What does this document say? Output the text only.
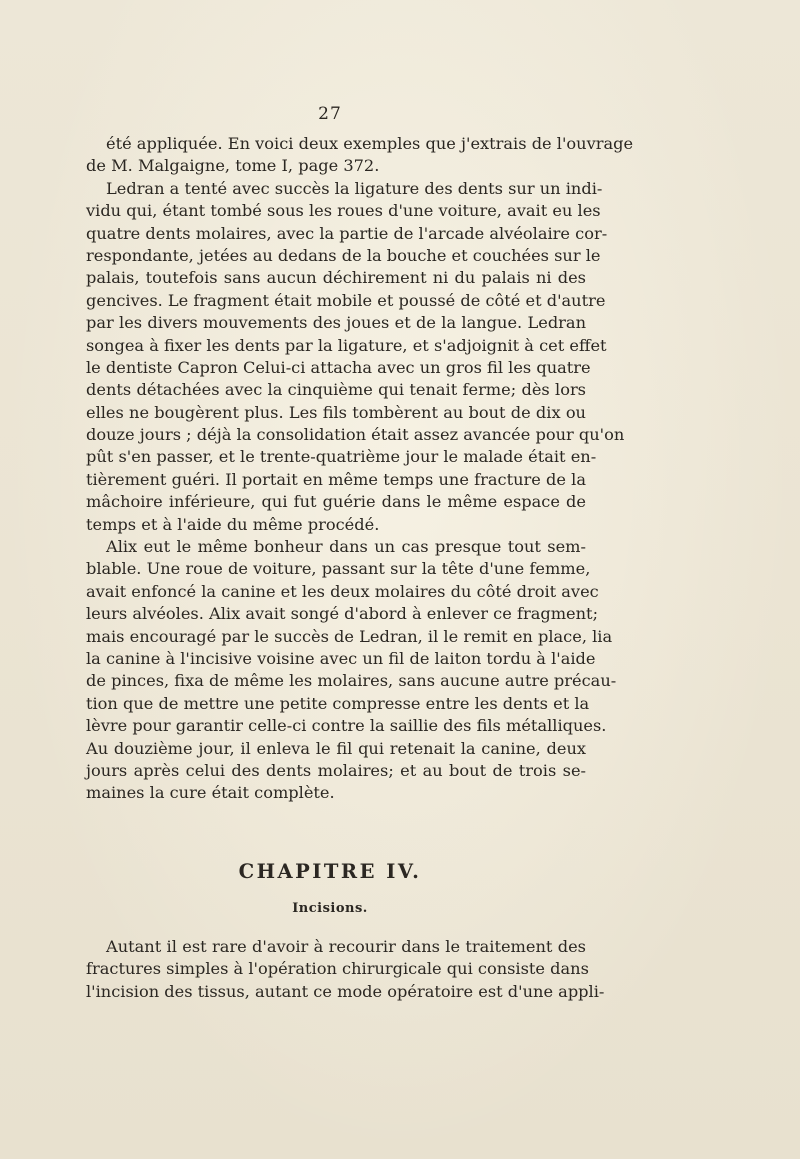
27
été appliquée. En voici deux exemples que j'extrais de l'ouvrage
de M. Malgaigne, tome I, page 372.
Ledran a tenté avec succès la ligature des dents sur un indi-
vidu qui, étant tombé sous les roues d'une voiture, avait eu les
quatre dents molaires, avec la partie de l'arcade alvéolaire cor-
respondante, jetées au dedans de la bouche et couchées sur le
palais, toutefois sans aucun déchirement ni du palais ni des
gencives. Le fragment était mobile et poussé de côté et d'autre
par les divers mouvements des joues et de la langue. Ledran
songea à fixer les dents par la ligature, et s'adjoignit à cet effet
le dentiste Capron Celui-ci attacha avec un gros fil les quatre
dents détachées avec la cinquième qui tenait ferme; dès lors
elles ne bougèrent plus. Les fils tombèrent au bout de dix ou
douze jours ; déjà la consolidation était assez avancée pour qu'on
pût s'en passer, et le trente-quatrième jour le malade était en-
tièrement guéri. Il portait en même temps une fracture de la
mâchoire inférieure, qui fut guérie dans le même espace de
temps et à l'aide du même procédé.
Alix eut le même bonheur dans un cas presque tout sem-
blable. Une roue de voiture, passant sur la tête d'une femme,
avait enfoncé la canine et les deux molaires du côté droit avec
leurs alvéoles. Alix avait songé d'abord à enlever ce fragment;
mais encouragé par le succès de Ledran, il le remit en place, lia
la canine à l'incisive voisine avec un fil de laiton tordu à l'aide
de pinces, fixa de même les molaires, sans aucune autre précau-
tion que de mettre une petite compresse entre les dents et la
lèvre pour garantir celle-ci contre la saillie des fils métalliques.
Au douzième jour, il enleva le fil qui retenait la canine, deux
jours après celui des dents molaires; et au bout de trois se-
maines la cure était complète.
CHAPITRE IV.
Incisions.
Autant il est rare d'avoir à recourir dans le traitement des
fractures simples à l'opération chirurgicale qui consiste dans
l'incision des tissus, autant ce mode opératoire est d'une appli-
